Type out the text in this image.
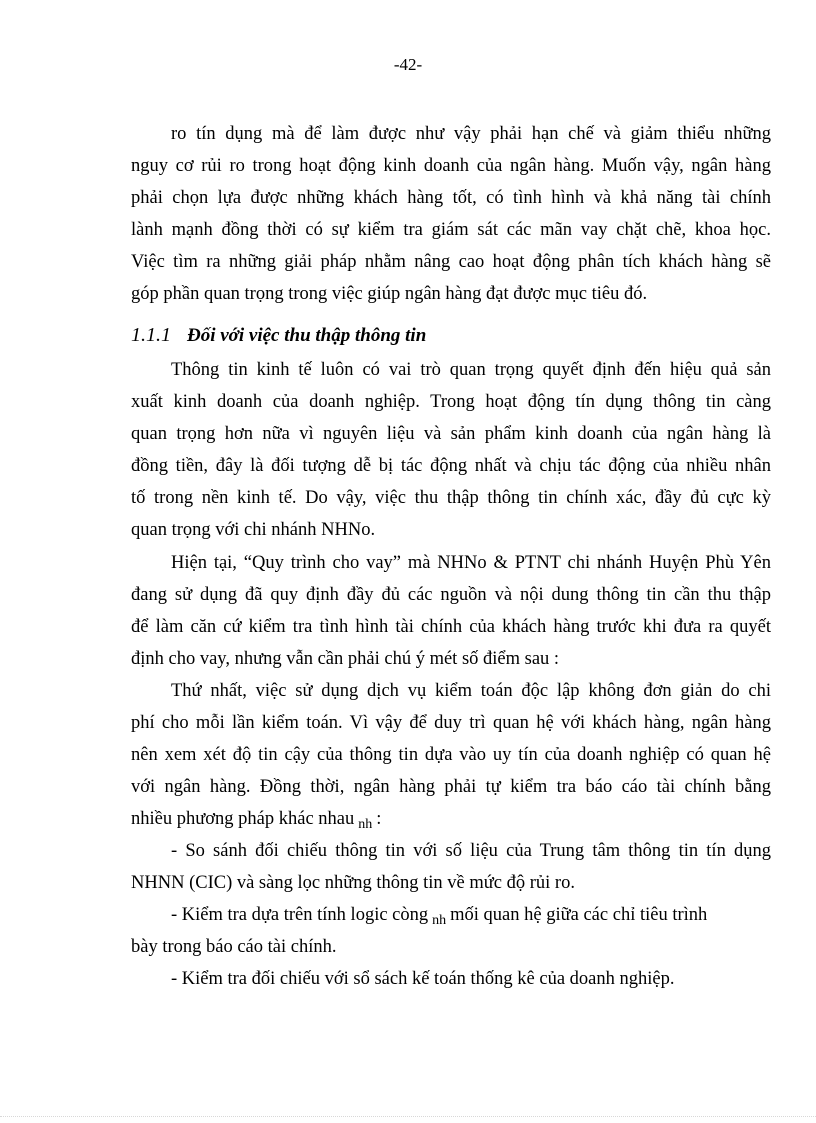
-42-
ro tín dụng mà để làm được như vậy phải hạn chế và giảm thiểu những
nguy cơ rủi ro trong hoạt động kinh doanh của ngân hàng. Muốn vậy, ngân hàng
phải chọn lựa được những khách hàng tốt, có tình hình và khả năng tài chính
lành mạnh đồng thời có sự kiểm tra giám sát các mãn vay chặt chẽ, khoa học.
Việc tìm ra những giải pháp nhằm nâng cao hoạt động phân tích khách hàng sẽ
góp phần quan trọng trong việc giúp ngân hàng đạt được mục tiêu đó.
1.1.1 Đối với việc thu thập thông tin
Thông tin kinh tế luôn có vai trò quan trọng quyết định đến hiệu quả sản
xuất kinh doanh của doanh nghiệp. Trong hoạt động tín dụng thông tin càng
quan trọng hơn nữa vì nguyên liệu và sản phẩm kinh doanh của ngân hàng là
đồng tiền, đây là đối tượng dễ bị tác động nhất và chịu tác động của nhiều nhân
tố trong nền kinh tế. Do vậy, việc thu thập thông tin chính xác, đầy đủ cực kỳ
quan trọng với chi nhánh NHNo.
Hiện tại, “Quy trình cho vay” mà NHNo & PTNT chi nhánh Huyện Phù Yên
đang sử dụng đã quy định đầy đủ các nguồn và nội dung thông tin cần thu thập
để làm căn cứ kiểm tra tình hình tài chính của khách hàng trước khi đưa ra quyết
định cho vay, nhưng vẫn cần phải chú ý mét số điểm sau :
Thứ nhất, việc sử dụng dịch vụ kiểm toán độc lập không đơn giản do chi
phí cho mỗi lần kiểm toán. Vì vậy để duy trì quan hệ với khách hàng, ngân hàng
nên xem xét độ tin cậy của thông tin dựa vào uy tín của doanh nghiệp có quan hệ
với ngân hàng. Đồng thời, ngân hàng phải tự kiểm tra báo cáo tài chính bằng
nhiều phương pháp khác nhau $_{nh}$ :
- So sánh đối chiếu thông tin với số liệu của Trung tâm thông tin tín dụng
NHNN (CIC) và sàng lọc những thông tin về mức độ rủi ro.
- Kiểm tra dựa trên tính logic còng $_{nh}$ mối quan hệ giữa các chỉ tiêu trình
bày trong báo cáo tài chính.
- Kiểm tra đối chiếu với sổ sách kế toán thống kê của doanh nghiệp.
